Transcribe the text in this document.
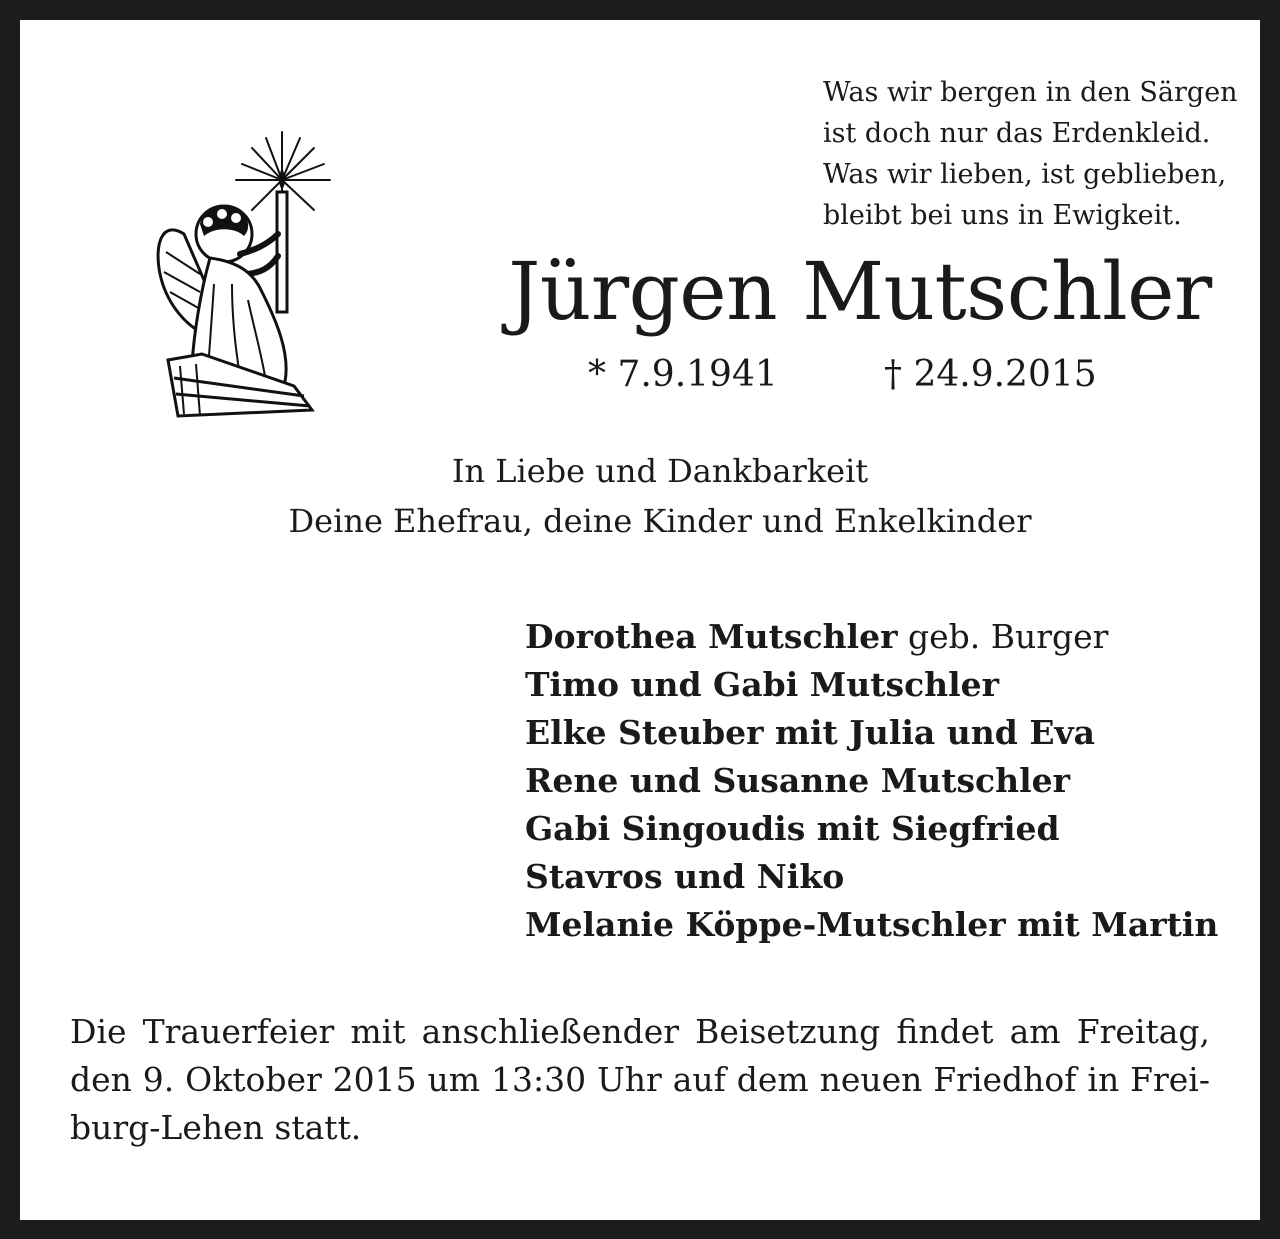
Was wir bergen in den Särgen
ist doch nur das Erdenkleid.
Was wir lieben, ist geblieben,
bleibt bei uns in Ewigkeit.
Jürgen Mutschler
* 7.9.1941	† 24.9.2015
In Liebe und Dankbarkeit
Deine Ehefrau, deine Kinder und Enkelkinder
Dorothea Mutschler geb. Burger
Timo und Gabi Mutschler
Elke Steuber mit Julia und Eva
Rene und Susanne Mutschler
Gabi Singoudis mit Siegfried
Stavros und Niko
Melanie Köppe-Mutschler mit Martin
Die Trauerfeier mit anschließender Beisetzung findet am Freitag,
den 9. Oktober 2015 um 13:30 Uhr auf dem neuen Friedhof in Frei-
burg-Lehen statt.
